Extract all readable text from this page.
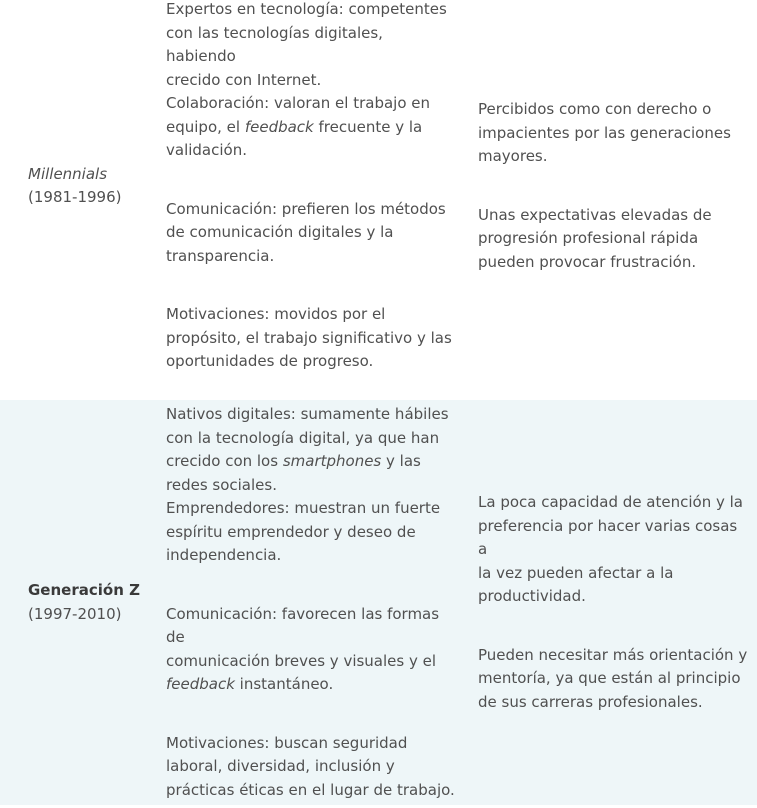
Millennials
(1981-1996)

Expertos en tecnología: competentes
con las tecnologías digitales, habiendo
crecido con Internet.
Colaboración: valoran el trabajo en
equipo, el feedback frecuente y la
validación.

Comunicación: prefieren los métodos
de comunicación digitales y la
transparencia.

Motivaciones: movidos por el
propósito, el trabajo significativo y las
oportunidades de progreso.

Percibidos como con derecho o
impacientes por las generaciones
mayores.

Unas expectativas elevadas de
progresión profesional rápida
pueden provocar frustración.

Generación Z
(1997-2010)

Nativos digitales: sumamente hábiles
con la tecnología digital, ya que han
crecido con los smartphones y las
redes sociales.
Emprendedores: muestran un fuerte
espíritu emprendedor y deseo de
independencia.

Comunicación: favorecen las formas de
comunicación breves y visuales y el
feedback instantáneo.

Motivaciones: buscan seguridad
laboral, diversidad, inclusión y
prácticas éticas en el lugar de trabajo.

La poca capacidad de atención y la
preferencia por hacer varias cosas a
la vez pueden afectar a la
productividad.

Pueden necesitar más orientación y
mentoría, ya que están al principio
de sus carreras profesionales.
